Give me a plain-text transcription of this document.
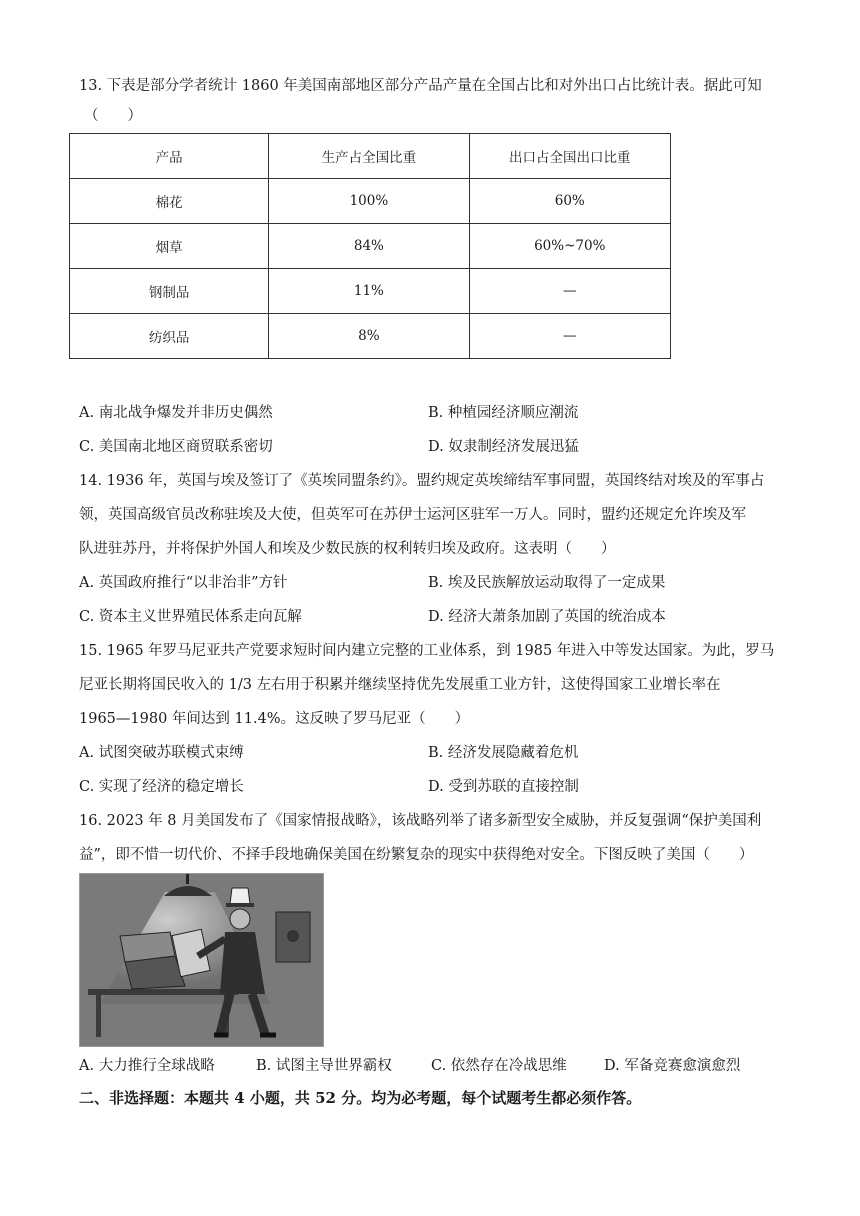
13. 下表是部分学者统计 1860 年美国南部地区部分产品产量在全国占比和对外出口占比统计表。据此可知
（　　）
产品	生产占全国比重	出口占全国出口比重
棉花	100%	60%
烟草	84%	60%~70%
钢制品	11%	—
纺织品	8%	—
A. 南北战争爆发并非历史偶然	B. 种植园经济顺应潮流
C. 美国南北地区商贸联系密切	D. 奴隶制经济发展迅猛
14. 1936 年，英国与埃及签订了《英埃同盟条约》。盟约规定英埃缔结军事同盟，英国终结对埃及的军事占
领，英国高级官员改称驻埃及大使，但英军可在苏伊士运河区驻军一万人。同时，盟约还规定允许埃及军
队进驻苏丹，并将保护外国人和埃及少数民族的权利转归埃及政府。这表明（　　）
A. 英国政府推行“以非治非”方针	B. 埃及民族解放运动取得了一定成果
C. 资本主义世界殖民体系走向瓦解	D. 经济大萧条加剧了英国的统治成本
15. 1965 年罗马尼亚共产党要求短时间内建立完整的工业体系，到 1985 年进入中等发达国家。为此，罗马
尼亚长期将国民收入的 1/3 左右用于积累并继续坚持优先发展重工业方针，这使得国家工业增长率在
1965—1980 年间达到 11.4%。这反映了罗马尼亚（　　）
A. 试图突破苏联模式束缚	B. 经济发展隐藏着危机
C. 实现了经济的稳定增长	D. 受到苏联的直接控制
16. 2023 年 8 月美国发布了《国家情报战略》，该战略列举了诸多新型安全威胁，并反复强调“保护美国利
益”，即不惜一切代价、不择手段地确保美国在纷繁复杂的现实中获得绝对安全。下图反映了美国（　　）
A. 大力推行全球战略	B. 试图主导世界霸权	C. 依然存在冷战思维	D. 军备竞赛愈演愈烈
二、非选择题：本题共 4 小题，共 52 分。均为必考题，每个试题考生都必须作答。
